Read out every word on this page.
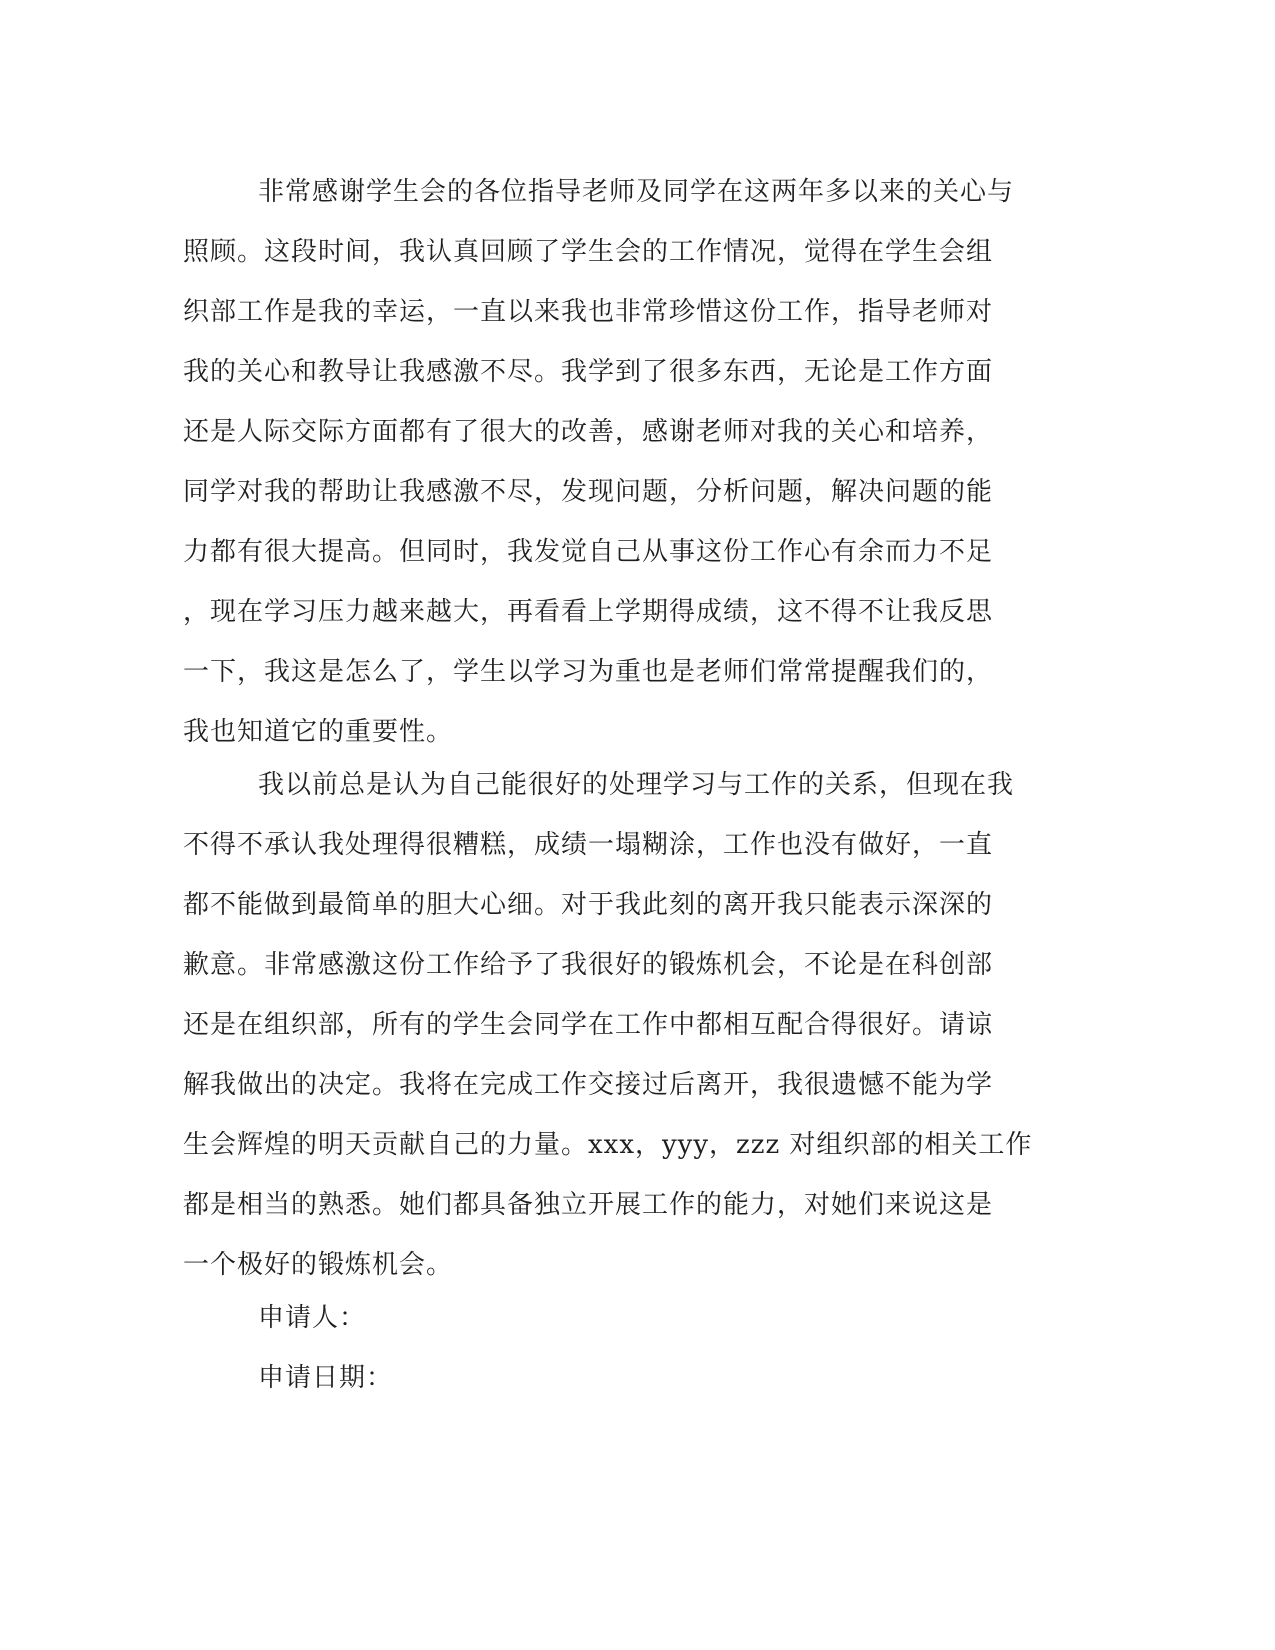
非常感谢学生会的各位指导老师及同学在这两年多以来的关心与
照顾。这段时间，我认真回顾了学生会的工作情况，觉得在学生会组
织部工作是我的幸运，一直以来我也非常珍惜这份工作，指导老师对
我的关心和教导让我感激不尽。我学到了很多东西，无论是工作方面
还是人际交际方面都有了很大的改善，感谢老师对我的关心和培养，
同学对我的帮助让我感激不尽，发现问题，分析问题，解决问题的能
力都有很大提高。但同时，我发觉自己从事这份工作心有余而力不足
，现在学习压力越来越大，再看看上学期得成绩，这不得不让我反思
一下，我这是怎么了，学生以学习为重也是老师们常常提醒我们的，
我也知道它的重要性。
我以前总是认为自己能很好的处理学习与工作的关系，但现在我
不得不承认我处理得很糟糕，成绩一塌糊涂，工作也没有做好，一直
都不能做到最简单的胆大心细。对于我此刻的离开我只能表示深深的
歉意。非常感激这份工作给予了我很好的锻炼机会，不论是在科创部
还是在组织部，所有的学生会同学在工作中都相互配合得很好。请谅
解我做出的决定。我将在完成工作交接过后离开，我很遗憾不能为学
生会辉煌的明天贡献自己的力量。xxx，yyy，zzz 对组织部的相关工作
都是相当的熟悉。她们都具备独立开展工作的能力，对她们来说这是
一个极好的锻炼机会。
申请人：
申请日期：
